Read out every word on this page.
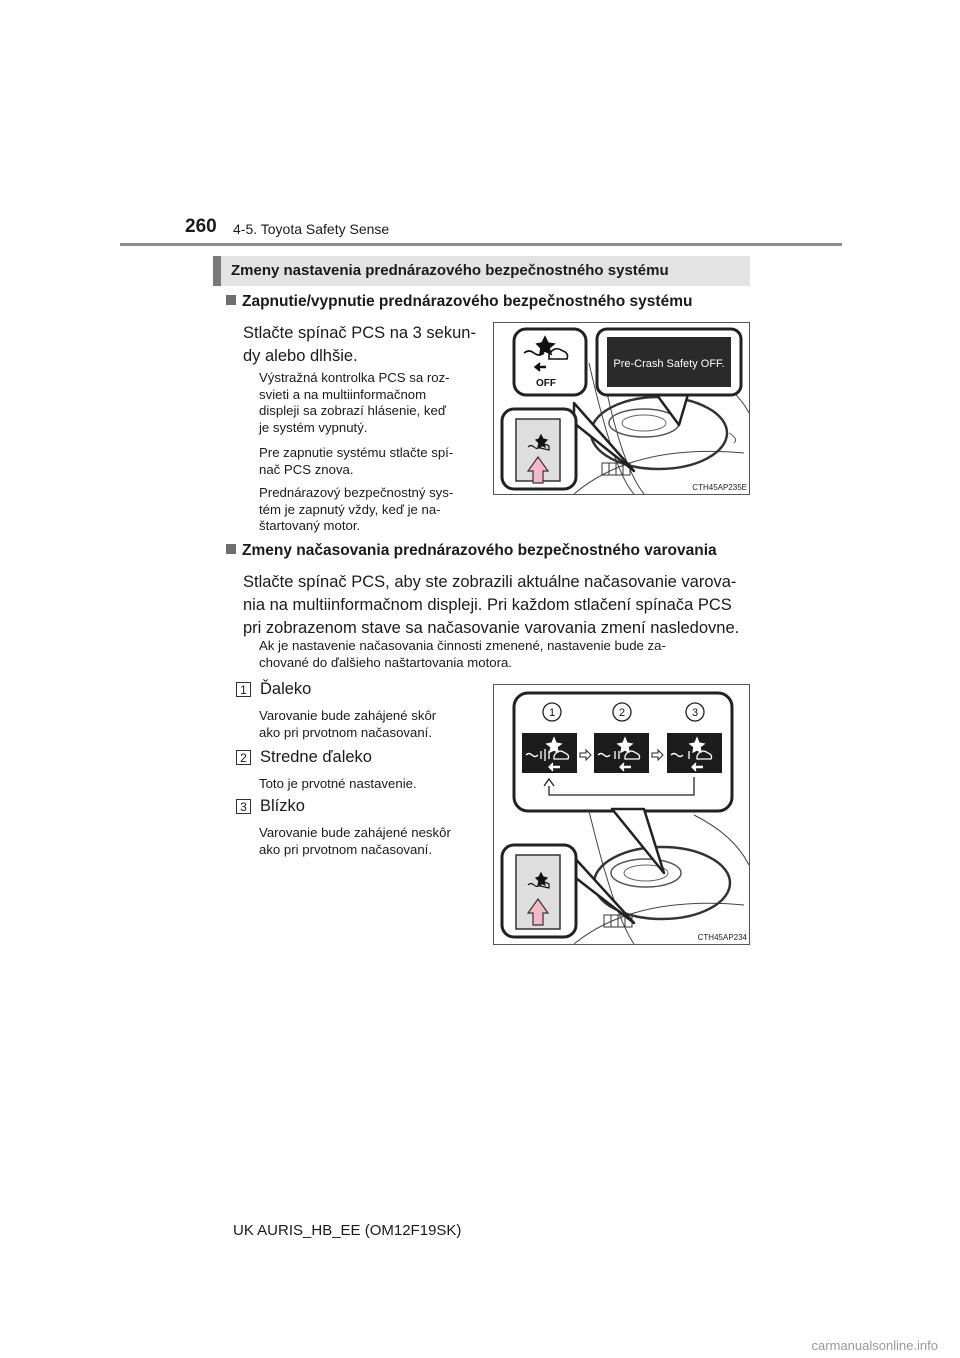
260 4-5. Toyota Safety Sense
Zmeny nastavenia prednárazového bezpečnostného systému
Zapnutie/vypnutie prednárazového bezpečnostného systému
Stlačte spínač PCS na 3 sekun-
dy alebo dlhšie.
Výstražná kontrolka PCS sa roz-
svieti a na multiinformačnom
displeji sa zobrazí hlásenie, keď
je systém vypnutý.
Pre zapnutie systému stlačte spí-
nač PCS znova.
Prednárazový bezpečnostný sys-
tém je zapnutý vždy, keď je na-
štartovaný motor.
OFF
Pre-Crash Safety OFF.
CTH45AP235E
Zmeny načasovania prednárazového bezpečnostného varovania
Stlačte spínač PCS, aby ste zobrazili aktuálne načasovanie varova-
nia na multiinformačnom displeji. Pri každom stlačení spínača PCS
pri zobrazenom stave sa načasovanie varovania zmení nasledovne.
Ak je nastavenie načasovania činnosti zmenené, nastavenie bude za-
chované do ďalšieho naštartovania motora.
1 Ďaleko
Varovanie bude zahájené skôr
ako pri prvotnom načasovaní.
2 Stredne ďaleko
Toto je prvotné nastavenie.
3 Blízko
Varovanie bude zahájené neskôr
ako pri prvotnom načasovaní.
1	2	3
CTH45AP234
UK AURIS_HB_EE (OM12F19SK)
carmanualsonline.info
